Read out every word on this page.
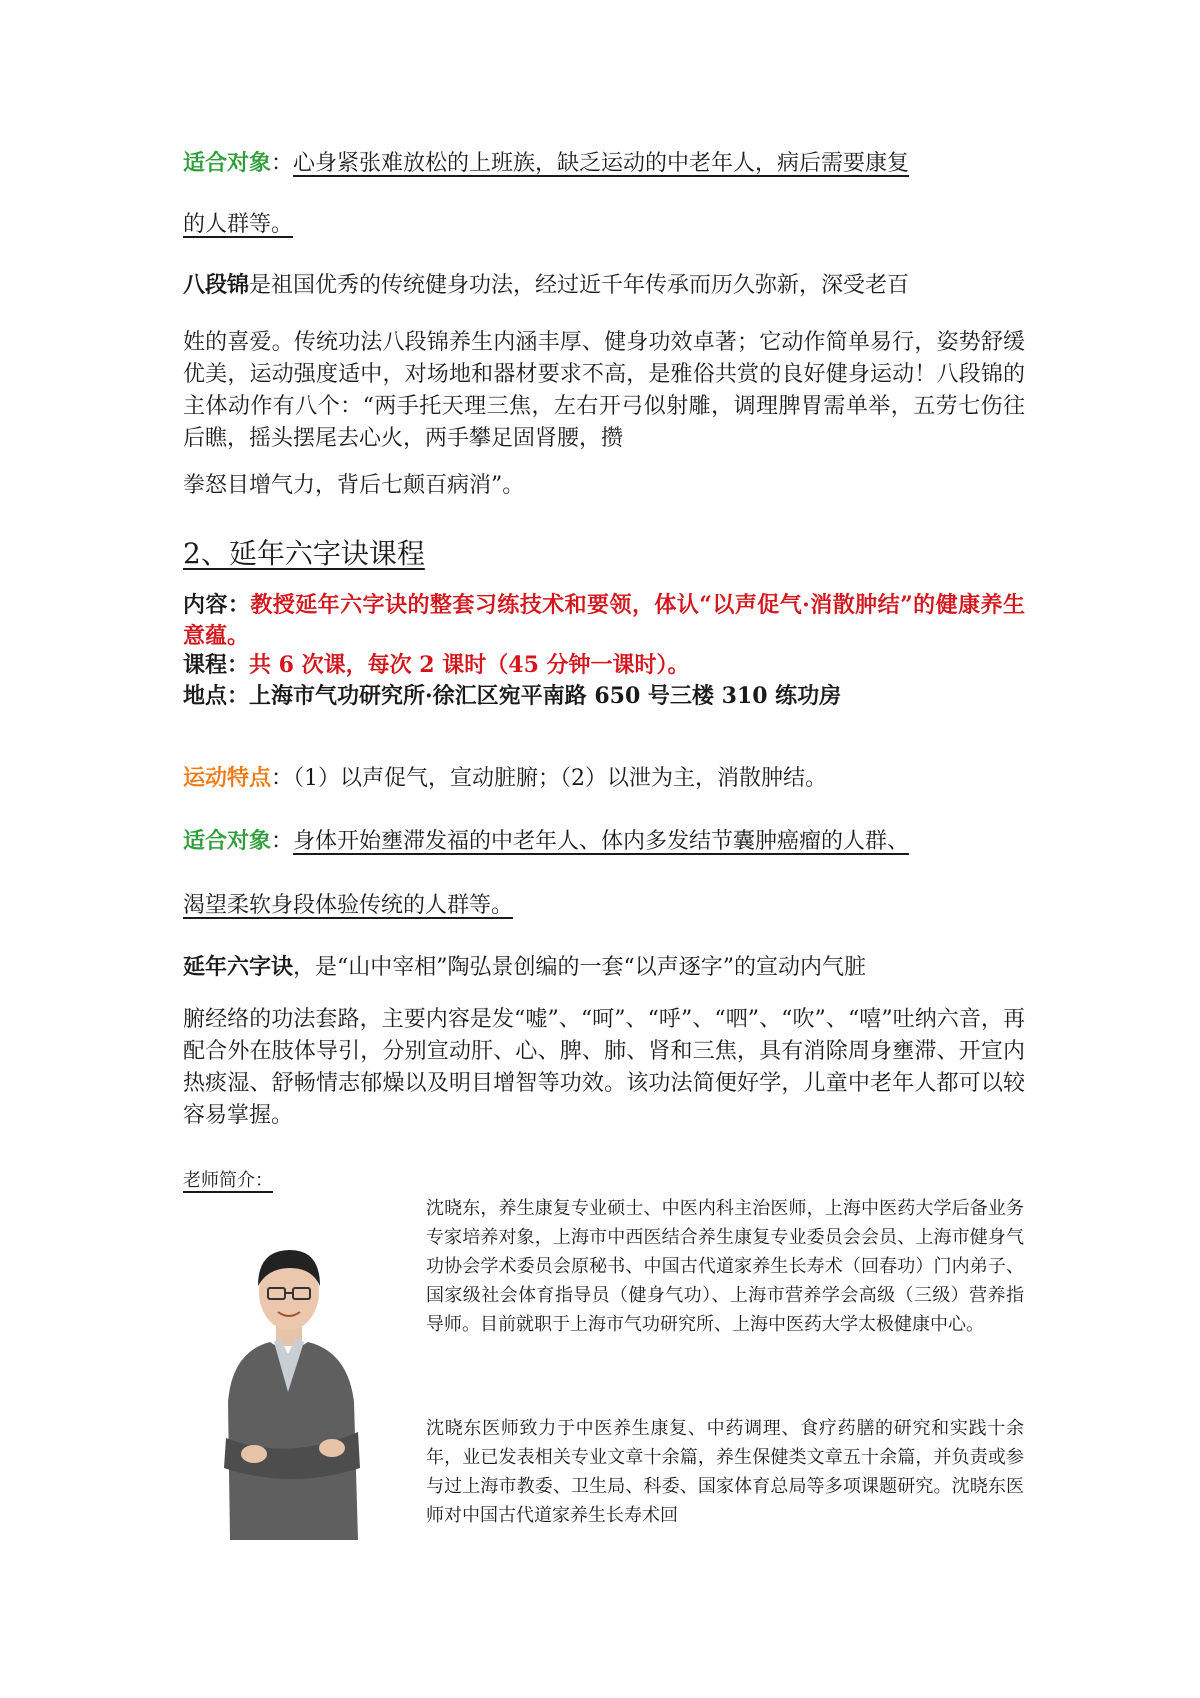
适合对象：心身紧张难放松的上班族，缺乏运动的中老年人，病后需要康复
的人群等。
八段锦是祖国优秀的传统健身功法，经过近千年传承而历久弥新，深受老百
姓的喜爱。传统功法八段锦养生内涵丰厚、健身功效卓著；它动作简单易行，姿势舒缓优美，运动强度适中，对场地和器材要求不高，是雅俗共赏的良好健身运动！八段锦的主体动作有八个：“两手托天理三焦，左右开弓似射雕，调理脾胃需单举，五劳七伤往后瞧，摇头摆尾去心火，两手攀足固肾腰，攒
拳怒目增气力，背后七颠百病消”。
2、延年六字诀课程
内容：教授延年六字诀的整套习练技术和要领，体认“以声促气·消散肿结”的健康养生意蕴。
课程：共 6 次课，每次 2 课时（45 分钟一课时）。
地点：上海市气功研究所·徐汇区宛平南路 650 号三楼 310 练功房
运动特点：（1）以声促气，宣动脏腑；（2）以泄为主，消散肿结。
适合对象：身体开始壅滞发福的中老年人、体内多发结节囊肿癌瘤的人群、
渴望柔软身段体验传统的人群等。
延年六字诀，是“山中宰相”陶弘景创编的一套“以声逐字”的宣动内气脏
腑经络的功法套路，主要内容是发“嘘”、“呵”、“呼”、“呬”、“吹”、“嘻”吐纳六音，再配合外在肢体导引，分别宣动肝、心、脾、肺、肾和三焦，具有消除周身壅滞、开宣内热痰湿、舒畅情志郁燥以及明目增智等功效。该功法简便好学，儿童中老年人都可以较容易掌握。
老师简介：
沈晓东，养生康复专业硕士、中医内科主治医师，上海中医药大学后备业务专家培养对象，上海市中西医结合养生康复专业委员会会员、上海市健身气功协会学术委员会原秘书、中国古代道家养生长寿术（回春功）门内弟子、国家级社会体育指导员（健身气功）、上海市营养学会高级（三级）营养指导师。目前就职于上海市气功研究所、上海中医药大学太极健康中心。
沈晓东医师致力于中医养生康复、中药调理、食疗药膳的研究和实践十余年，业已发表相关专业文章十余篇，养生保健类文章五十余篇，并负责或参与过上海市教委、卫生局、科委、国家体育总局等多项课题研究。沈晓东医师对中国古代道家养生长寿术回
